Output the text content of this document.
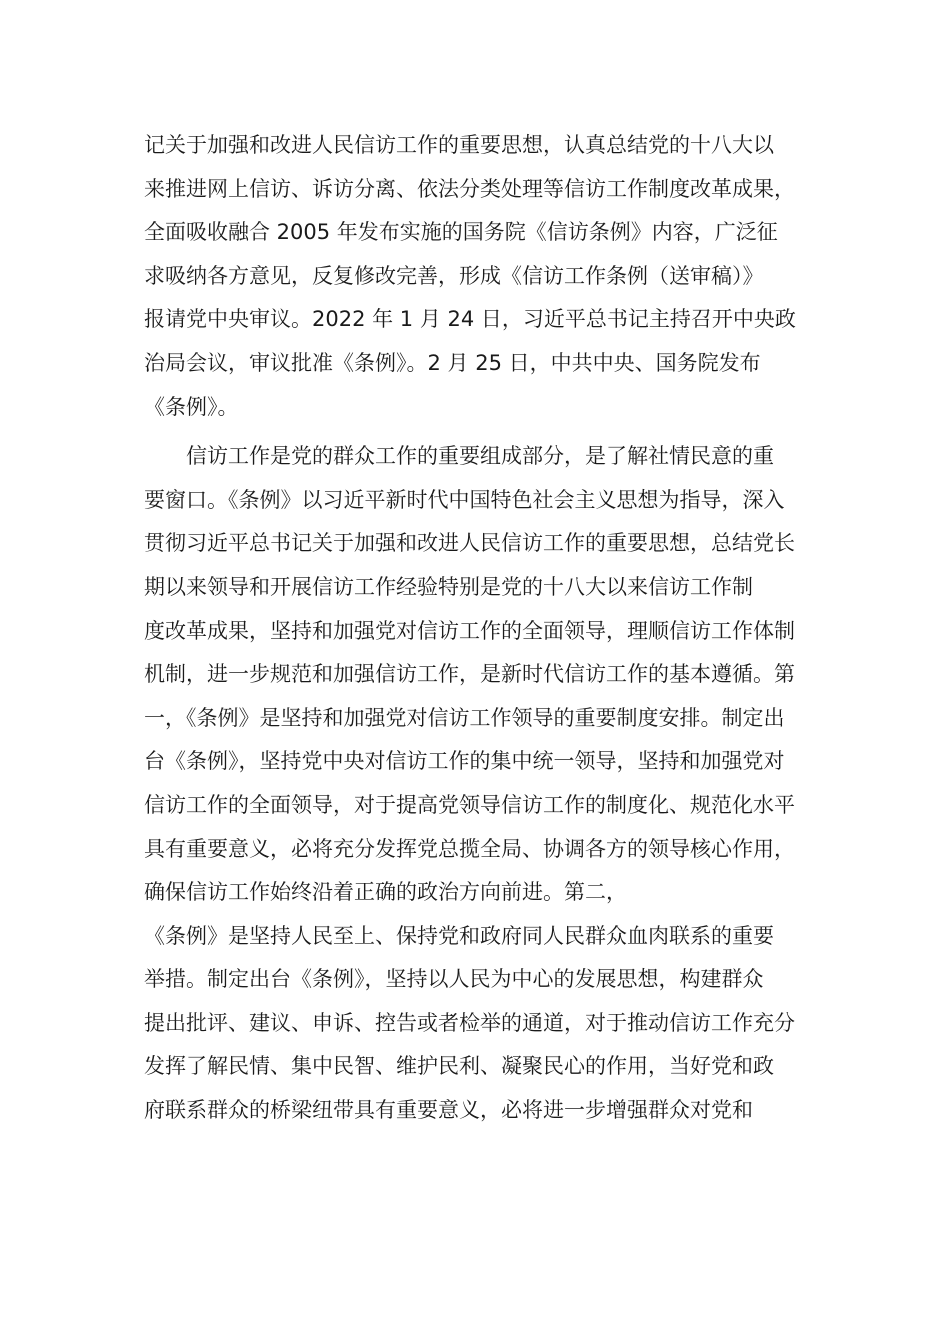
记关于加强和改进人民信访工作的重要思想，认真总结党的十八大以
来推进网上信访、诉访分离、依法分类处理等信访工作制度改革成果，
全面吸收融合 2005 年发布实施的国务院《信访条例》内容，广泛征
求吸纳各方意见，反复修改完善，形成《信访工作条例（送审稿）》
报请党中央审议。2022 年 1 月 24 日，习近平总书记主持召开中央政
治局会议，审议批准《条例》。2 月 25 日，中共中央、国务院发布
《条例》。
信访工作是党的群众工作的重要组成部分，是了解社情民意的重
要窗口。《条例》以习近平新时代中国特色社会主义思想为指导，深入
贯彻习近平总书记关于加强和改进人民信访工作的重要思想，总结党长
期以来领导和开展信访工作经验特别是党的十八大以来信访工作制
度改革成果，坚持和加强党对信访工作的全面领导，理顺信访工作体制
机制，进一步规范和加强信访工作，是新时代信访工作的基本遵循。第
一，《条例》是坚持和加强党对信访工作领导的重要制度安排。制定出
台《条例》，坚持党中央对信访工作的集中统一领导，坚持和加强党对
信访工作的全面领导，对于提高党领导信访工作的制度化、规范化水平
具有重要意义，必将充分发挥党总揽全局、协调各方的领导核心作用，
确保信访工作始终沿着正确的政治方向前进。第二，
《条例》是坚持人民至上、保持党和政府同人民群众血肉联系的重要
举措。制定出台《条例》，坚持以人民为中心的发展思想，构建群众
提出批评、建议、申诉、控告或者检举的通道，对于推动信访工作充分
发挥了解民情、集中民智、维护民利、凝聚民心的作用，当好党和政
府联系群众的桥梁纽带具有重要意义，必将进一步增强群众对党和
